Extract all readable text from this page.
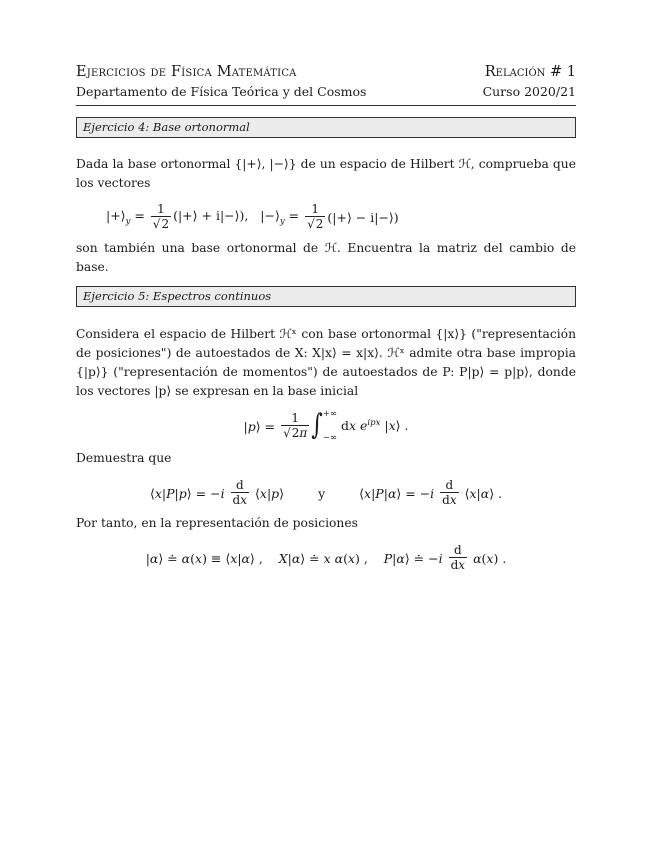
Ejercicios de Física Matemática	Relación # 1
Departamento de Física Teórica y del Cosmos	Curso 2020/21
Ejercicio 4: Base ortonormal

Dada la base ortonormal {|+⟩, |−⟩} de un espacio de Hilbert ℋ, comprueba que los vectores

$|+⟩_y = \frac{1}{√2}$ (|+⟩ + i|−⟩),   $|-⟩_y = \frac{1}{√2}$ (|+⟩ − i|−⟩)

son también una base ortonormal de ℋ. Encuentra la matriz del cambio de base.

Ejercicio 5: Espectros continuos

Considera el espacio de Hilbert ℋˣ con base ortonormal {|x⟩} ("representación de posiciones") de autoestados de X: X|x⟩ = x|x⟩. ℋˣ admite otra base impropia {|p⟩} ("representación de momentos") de autoestados de P: P|p⟩ = p|p⟩, donde los vectores |p⟩ se expresan en la base inicial

|p⟩ = $\frac{1}{√2\pi}$ ∫ +∞
−∞
dx $e^{ipx}$ |x⟩ .

Demuestra que

⟨x|P|p⟩ = $-i \frac{d}{dx}$ ⟨x|p⟩	y	⟨x|P|α⟩ = $-i \frac{d}{dx}$ ⟨x|α⟩ .

Por tanto, en la representación de posiciones

|α⟩ ≐ α(x) ≡ ⟨x|α⟩ ,    X|α⟩ ≐ x α(x) ,    P|α⟩ ≐ $-i \frac{d}{dx} \alpha(x)$ .
